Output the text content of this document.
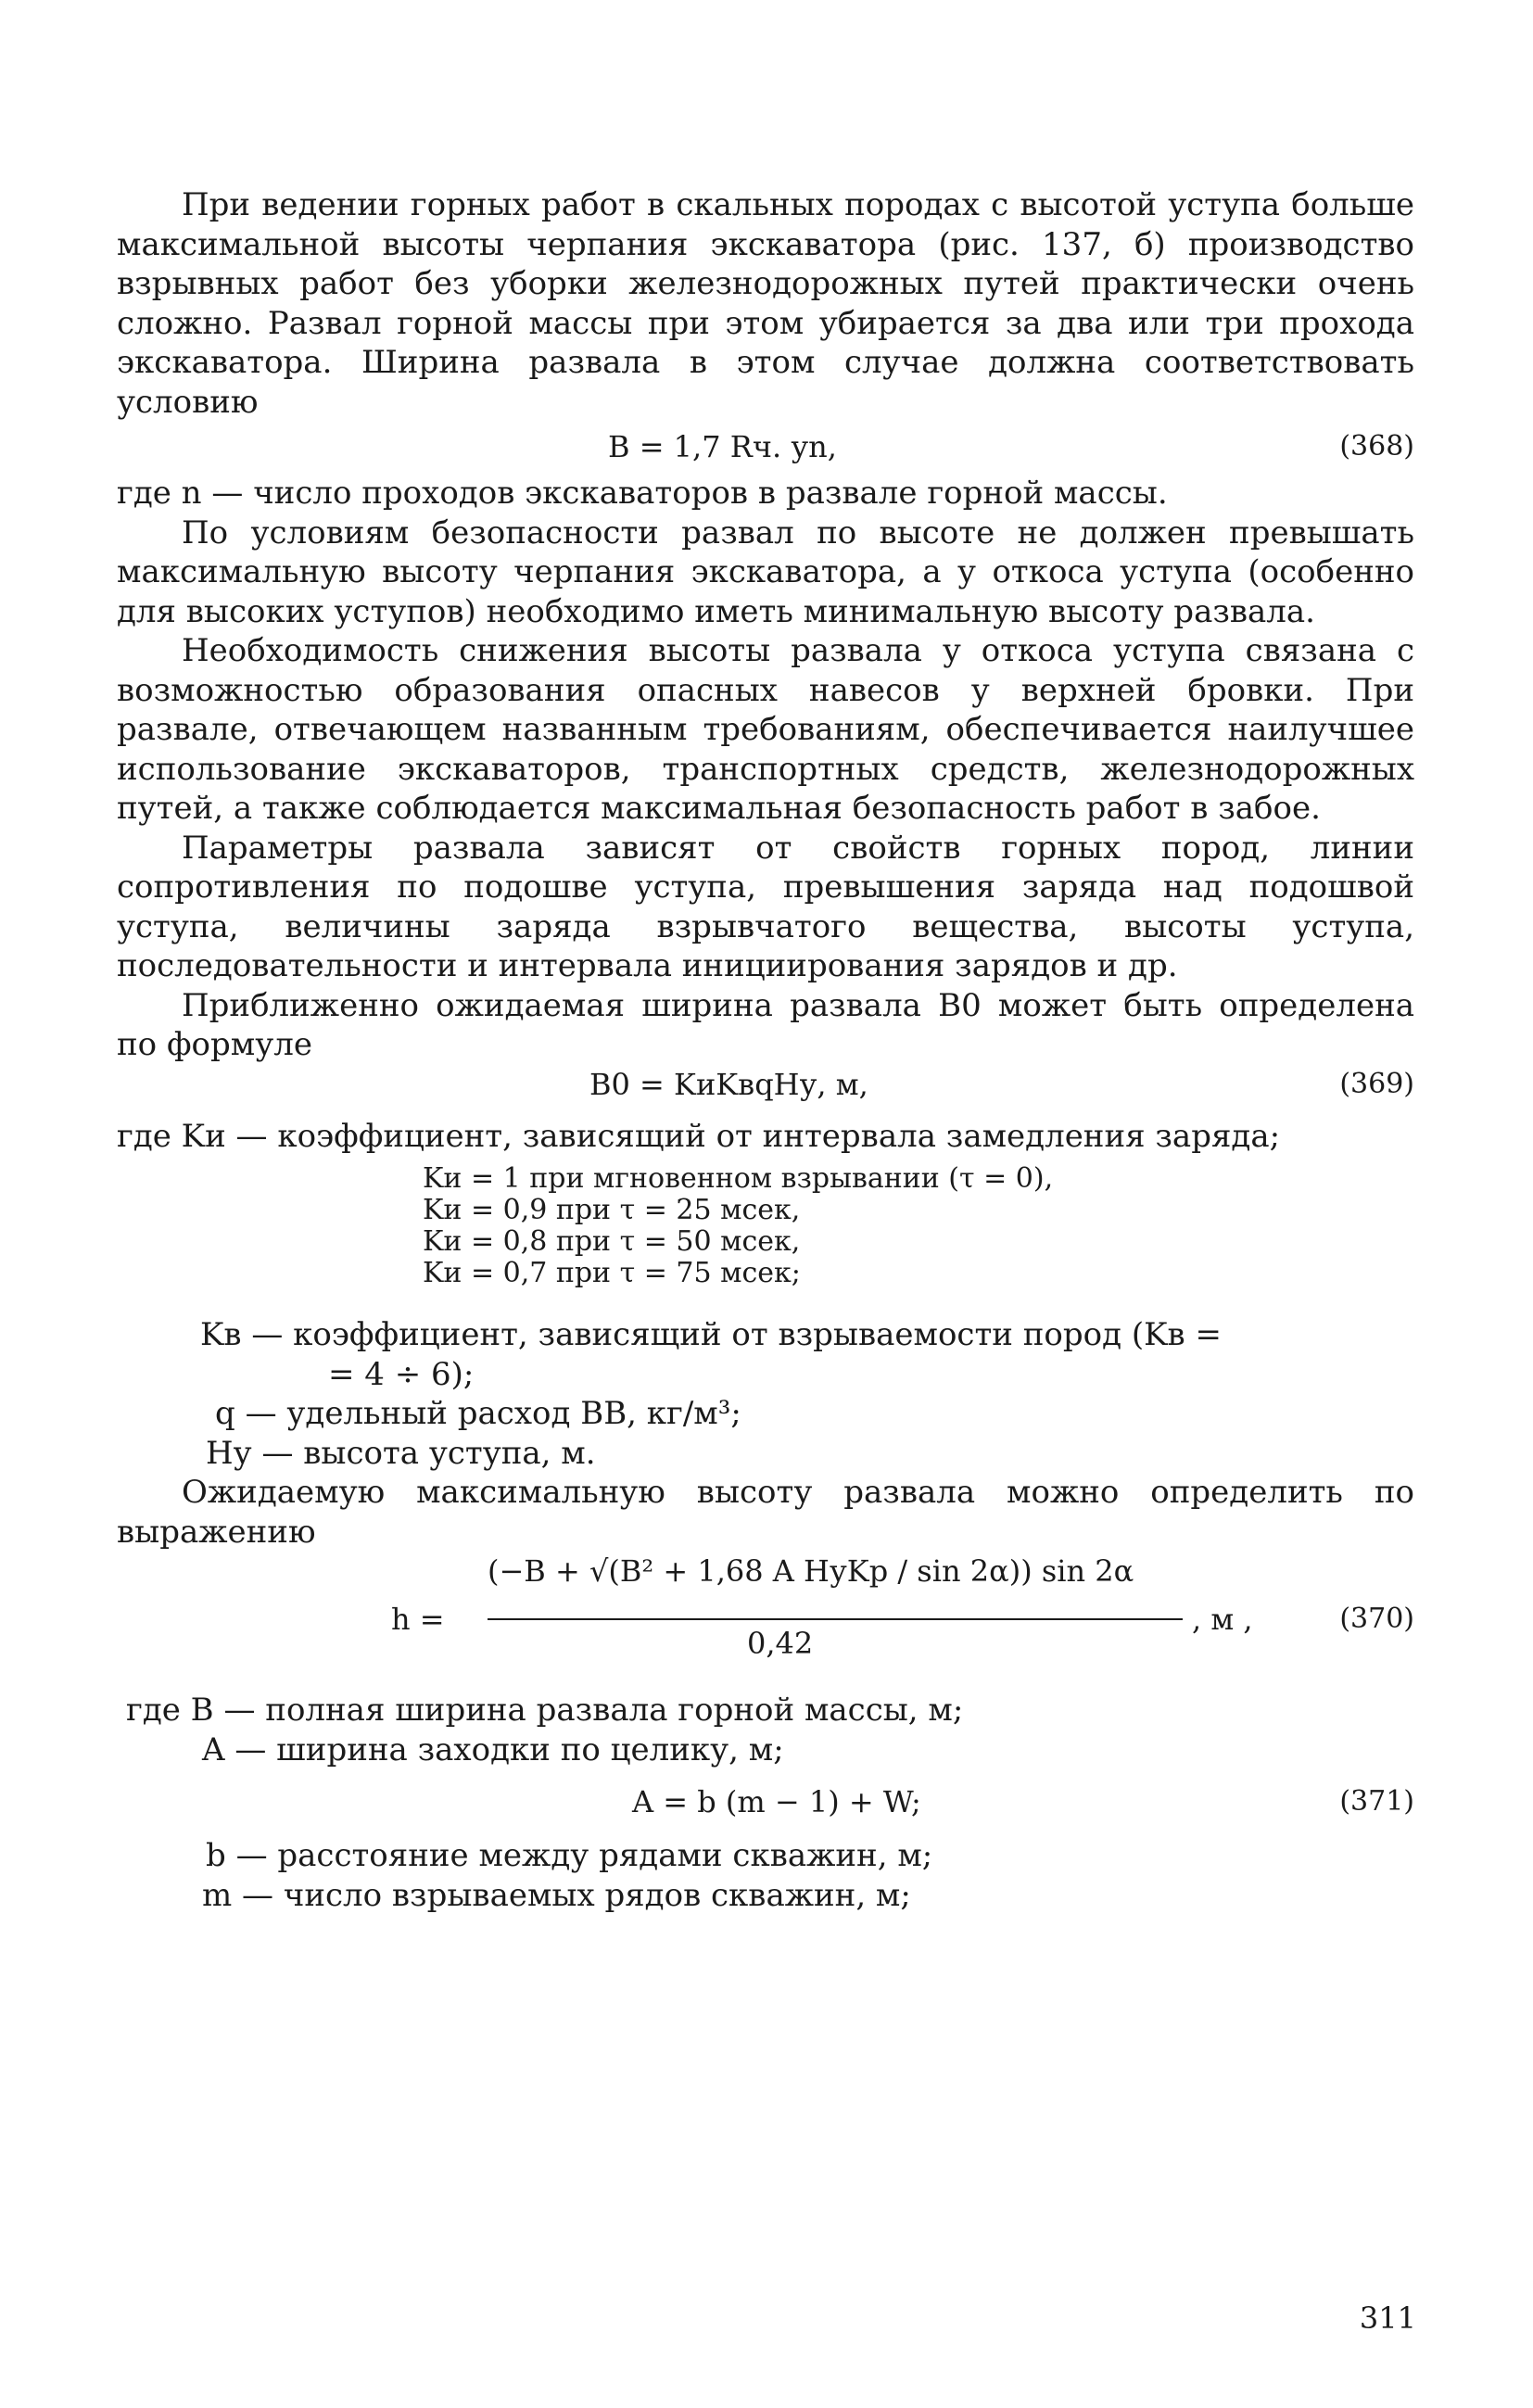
При ведении горных работ в скальных породах с высотой уступа больше максимальной высоты черпания экскаватора (рис. 137, б) производство взрывных работ без уборки железнодорожных путей практически очень сложно. Развал горной массы при этом убирается за два или три прохода экскаватора. Ширина развала в этом случае должна соответствовать условию

B = 1,7 Rч. уn,	(368)

где n — число проходов экскаваторов в развале горной массы.

По условиям безопасности развал по высоте не должен превышать максимальную высоту черпания экскаватора, а у откоса уступа (особенно для высоких уступов) необходимо иметь минимальную высоту развала.

Необходимость снижения высоты развала у откоса уступа связана с возможностью образования опасных навесов у верхней бровки. При развале, отвечающем названным требованиям, обеспечивается наилучшее использование экскаваторов, транспортных средств, железнодорожных путей, а также соблюдается максимальная безопасность работ в забое.

Параметры развала зависят от свойств горных пород, линии сопротивления по подошве уступа, превышения заряда над подошвой уступа, величины заряда взрывчатого вещества, высоты уступа, последовательности и интервала инициирования зарядов и др.

Приближенно ожидаемая ширина развала B0 может быть определена по формуле

B0 = KиKвqHу, м,	(369)

где Kи — коэффициент, зависящий от интервала замедления заряда;

Kи = 1 при мгновенном взрывании (τ = 0),
Kи = 0,9 при τ = 25 мсек,
Kи = 0,8 при τ = 50 мсек,
Kи = 0,7 при τ = 75 мсек;
Kв — коэффициент, зависящий от взрываемости пород (Kв =
= 4 ÷ 6);
q — удельный расход ВВ, кг/м³;
Hу — высота уступа, м.

Ожидаемую максимальную высоту развала можно определить по выражению

h =
(−B + √(B² + 1,68 A HуKр / sin 2α)) sin 2α
0,42
, м ,	(370)
где B — полная ширина развала горной массы, м;
A — ширина заходки по целику, м;
A = b (m − 1) + W;	(371)
b — расстояние между рядами скважин, м;
m — число взрываемых рядов скважин, м;
311
